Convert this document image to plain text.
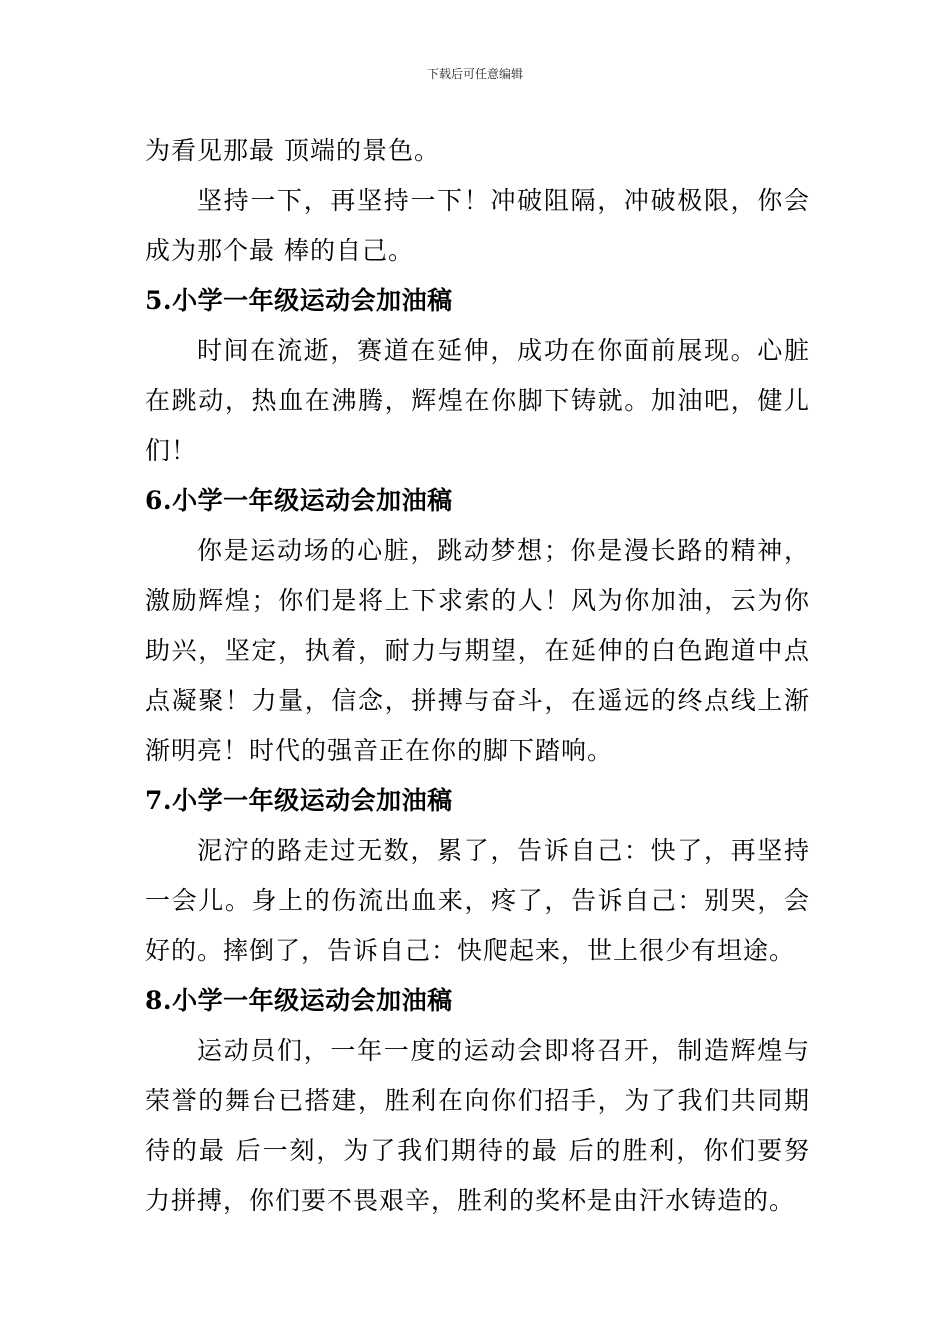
下载后可任意编辑

为看见那最 顶端的景色。

坚持一下，再坚持一下！冲破阻隔，冲破极限，你会成为那个最 棒的自己。

5.小学一年级运动会加油稿

时间在流逝，赛道在延伸，成功在你面前展现。心脏在跳动，热血在沸腾，辉煌在你脚下铸就。加油吧，健儿们！

6.小学一年级运动会加油稿

你是运动场的心脏，跳动梦想；你是漫长路的精神，激励辉煌；你们是将上下求索的人！风为你加油，云为你助兴，坚定，执着，耐力与期望，在延伸的白色跑道中点点凝聚！力量，信念，拼搏与奋斗，在遥远的终点线上渐渐明亮！时代的强音正在你的脚下踏响。

7.小学一年级运动会加油稿

泥泞的路走过无数，累了，告诉自己：快了，再坚持一会儿。身上的伤流出血来，疼了，告诉自己：别哭，会好的。摔倒了，告诉自己：快爬起来，世上很少有坦途。

8.小学一年级运动会加油稿

运动员们，一年一度的运动会即将召开，制造辉煌与荣誉的舞台已搭建，胜利在向你们招手，为了我们共同期待的最 后一刻，为了我们期待的最 后的胜利，你们要努力拼搏，你们要不畏艰辛，胜利的奖杯是由汗水铸造的。
